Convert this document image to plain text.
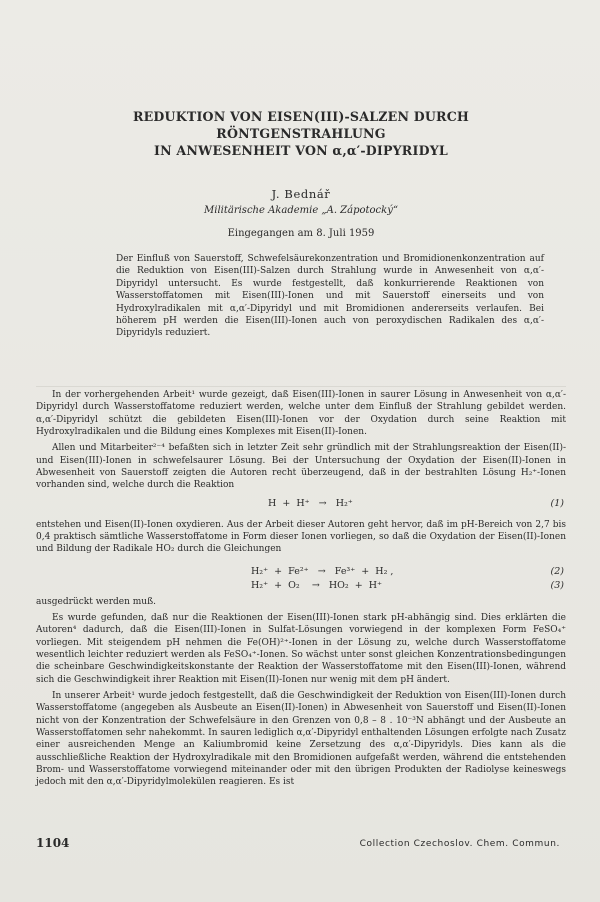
REDUKTION VON EISEN(III)-SALZEN DURCH RÖNTGENSTRAHLUNG
IN ANWESENHEIT VON α,α′-DIPYRIDYL
J. Bednář
Militärische Akademie „A. Zápotocký“
Eingegangen am 8. Juli 1959
Der Einfluß von Sauerstoff, Schwefelsäurekonzentration und Bromidionenkonzentration auf die Reduktion von Eisen(III)-Salzen durch Strahlung wurde in Anwesenheit von α,α′-Dipyridyl untersucht. Es wurde festgestellt, daß konkurrierende Reaktionen von Wasserstoffatomen mit Eisen(III)-Ionen und mit Sauerstoff einerseits und von Hydroxylradikalen mit α,α′-Dipyridyl und mit Bromidionen andererseits verlaufen. Bei höherem pH werden die Eisen(III)-Ionen auch von peroxydischen Radikalen des α,α′-Dipyridyls reduziert.

In der vorhergehenden Arbeit¹ wurde gezeigt, daß Eisen(III)-Ionen in saurer Lösung in Anwesenheit von α,α′-Dipyridyl durch Wasserstoffatome reduziert werden, welche unter dem Einfluß der Strahlung gebildet werden. α,α′-Dipyridyl schützt die gebildeten Eisen(III)-Ionen vor der Oxydation durch seine Reaktion mit Hydroxylradikalen und die Bildung eines Komplexes mit Eisen(II)-Ionen.

Allen und Mitarbeiter²⁻⁴ befaßten sich in letzter Zeit sehr gründlich mit der Strahlungsreaktion der Eisen(II)- und Eisen(III)-Ionen in schwefelsaurer Lösung. Bei der Untersuchung der Oxydation der Eisen(II)-Ionen in Abwesenheit von Sauerstoff zeigten die Autoren recht überzeugend, daß in der bestrahlten Lösung H₂⁺-Ionen vorhanden sind, welche durch die Reaktion

H  +  H⁺   →   H₂⁺	(1)

entstehen und Eisen(II)-Ionen oxydieren. Aus der Arbeit dieser Autoren geht hervor, daß im pH-Bereich von 2,7 bis 0,4 praktisch sämtliche Wasserstoffatome in Form dieser Ionen vorliegen, so daß die Oxydation der Eisen(II)-Ionen und Bildung der Radikale HO₂ durch die Gleichungen

H₂⁺  +  Fe²⁺   →   Fe³⁺  +  H₂ ,	(2)
H₂⁺  +  O₂    →   HO₂  +  H⁺	(3)

ausgedrückt werden muß.

Es wurde gefunden, daß nur die Reaktionen der Eisen(III)-Ionen stark pH-abhängig sind. Dies erklärten die Autoren⁴ dadurch, daß die Eisen(III)-Ionen in Sulfat-Lösungen vorwiegend in der komplexen Form FeSO₄⁺ vorliegen. Mit steigendem pH nehmen die Fe(OH)²⁺-Ionen in der Lösung zu, welche durch Wasserstoffatome wesentlich leichter reduziert werden als FeSO₄⁺-Ionen. So wächst unter sonst gleichen Konzentrationsbedingungen die scheinbare Geschwindigkeitskonstante der Reaktion der Wasserstoffatome mit den Eisen(III)-Ionen, während sich die Geschwindigkeit ihrer Reaktion mit Eisen(II)-Ionen nur wenig mit dem pH ändert.

In unserer Arbeit¹ wurde jedoch festgestellt, daß die Geschwindigkeit der Reduktion von Eisen(III)-Ionen durch Wasserstoffatome (angegeben als Ausbeute an Eisen(II)-Ionen) in Abwesenheit von Sauerstoff und Eisen(II)-Ionen nicht von der Konzentration der Schwefelsäure in den Grenzen von 0,8 – 8 . 10⁻³N abhängt und der Ausbeute an Wasserstoffatomen sehr nahekommt. In sauren lediglich α,α′-Dipyridyl enthaltenden Lösungen erfolgte nach Zusatz einer ausreichenden Menge an Kaliumbromid keine Zersetzung des α,α′-Dipyridyls. Dies kann als die ausschließliche Reaktion der Hydroxylradikale mit den Bromidionen aufgefaßt werden, während die entstehenden Brom- und Wasserstoffatome vorwiegend miteinander oder mit den übrigen Produkten der Radiolyse keineswegs jedoch mit den α,α′-Dipyridylmolekülen reagieren. Es ist

1104	Collection Czechoslov. Chem. Commun.
